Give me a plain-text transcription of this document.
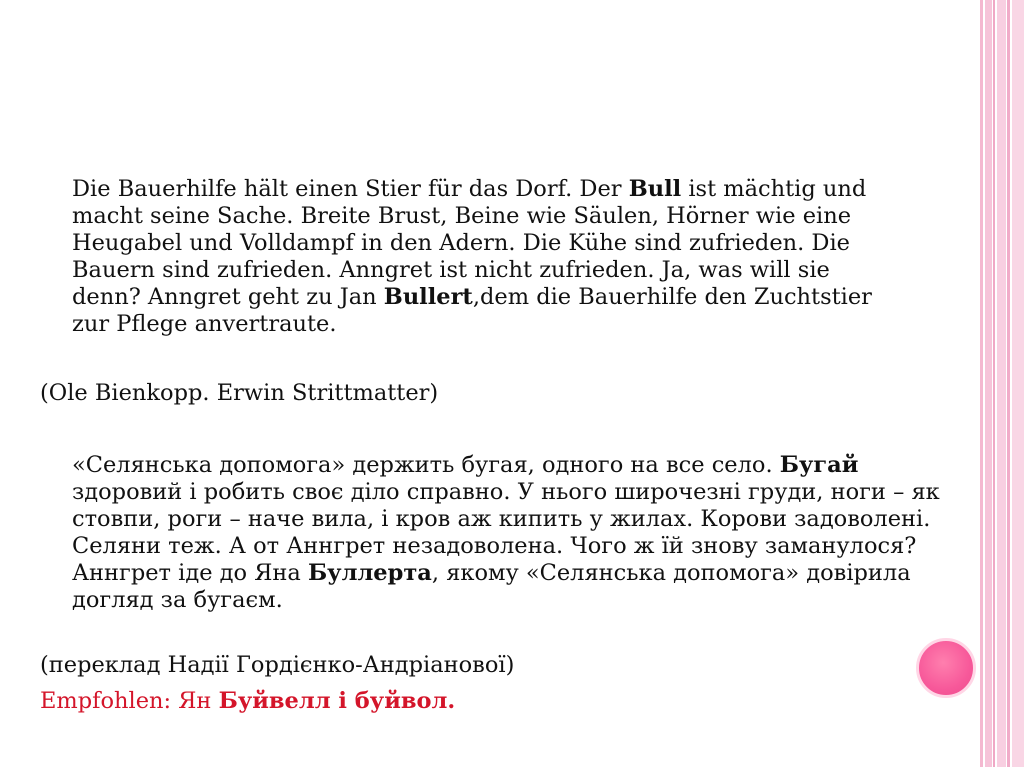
Die Bauerhilfe hält einen Stier für das Dorf. Der Bull ist mächtig und macht seine Sache. Breite Brust, Beine wie Säulen, Hörner wie eine Heugabel und Volldampf in den Adern. Die Kühe sind zufrieden. Die Bauern sind zufrieden. Anngret ist nicht zufrieden. Ja, was will sie denn? Anngret geht zu Jan Bullert,dem die Bauerhilfe den Zuchtstier zur Pflege anvertraute.

(Ole Bienkopp. Erwin Strittmatter)

«Селянська допомога» держить бугая, одного на все село. Бугай здоровий і робить своє діло справно. У нього широчезні груди, ноги – як стовпи, роги – наче вила, і кров аж кипить у жилах. Корови задоволені. Селяни теж. А от Аннгрет незадоволена. Чого ж їй знову заманулося? Аннгрет іде до Яна Буллерта, якому «Селянська допомога» довірила догляд за бугаєм.

(переклад Надії Гордієнко-Андріанової)
Empfohlen: Ян Буйвелл і буйвол.
